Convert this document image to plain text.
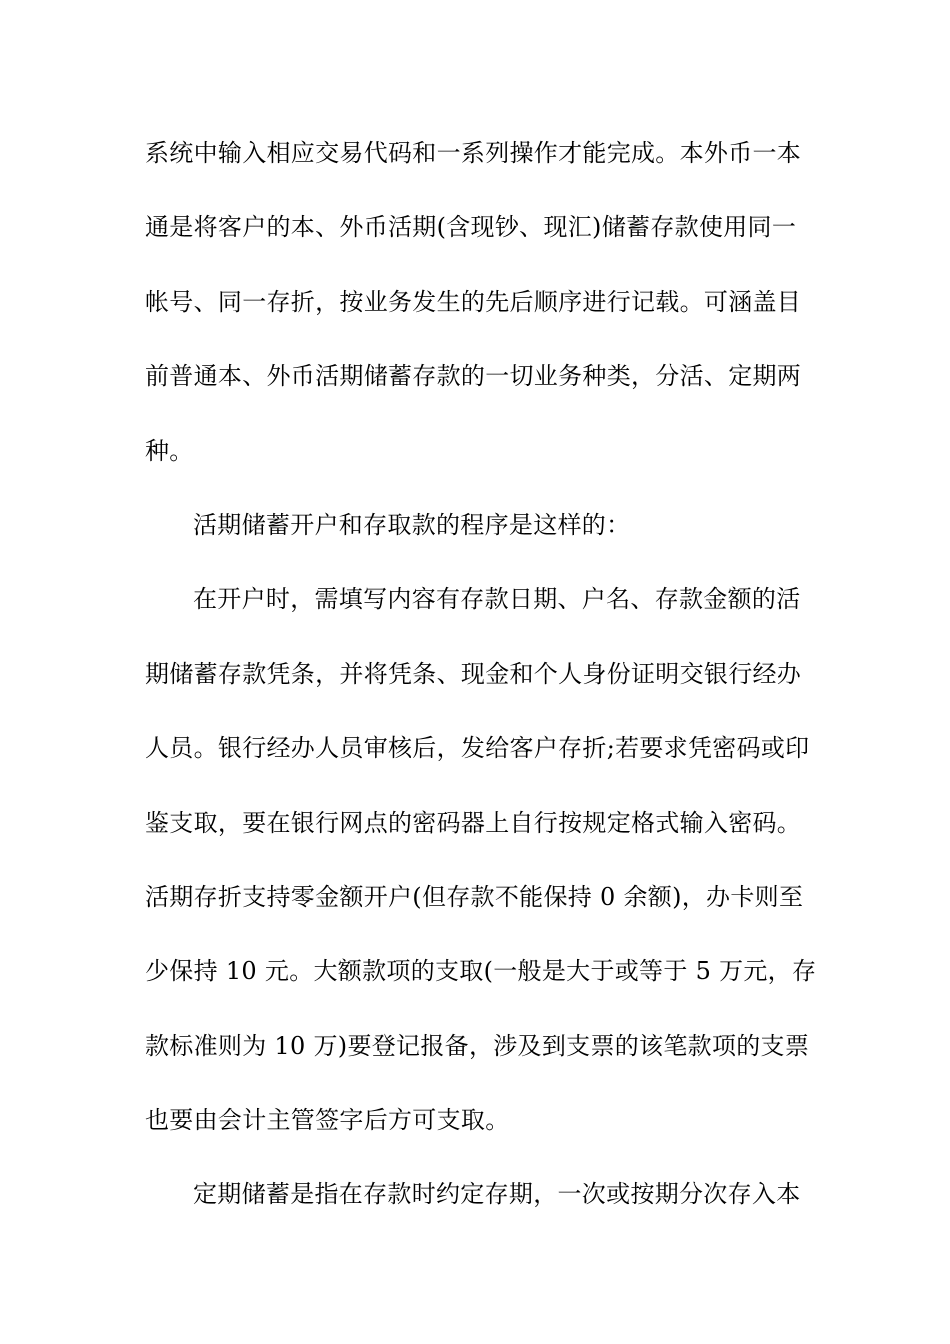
系统中输入相应交易代码和一系列操作才能完成。本外币一本
通是将客户的本、外币活期(含现钞、现汇)储蓄存款使用同一
帐号、同一存折，按业务发生的先后顺序进行记载。可涵盖目
前普通本、外币活期储蓄存款的一切业务种类，分活、定期两
种。
活期储蓄开户和存取款的程序是这样的：
在开户时，需填写内容有存款日期、户名、存款金额的活
期储蓄存款凭条，并将凭条、现金和个人身份证明交银行经办
人员。银行经办人员审核后，发给客户存折;若要求凭密码或印
鉴支取，要在银行网点的密码器上自行按规定格式输入密码。
活期存折支持零金额开户(但存款不能保持 0 余额)，办卡则至
少保持 10 元。大额款项的支取(一般是大于或等于 5 万元，存
款标准则为 10 万)要登记报备，涉及到支票的该笔款项的支票
也要由会计主管签字后方可支取。
定期储蓄是指在存款时约定存期，一次或按期分次存入本
